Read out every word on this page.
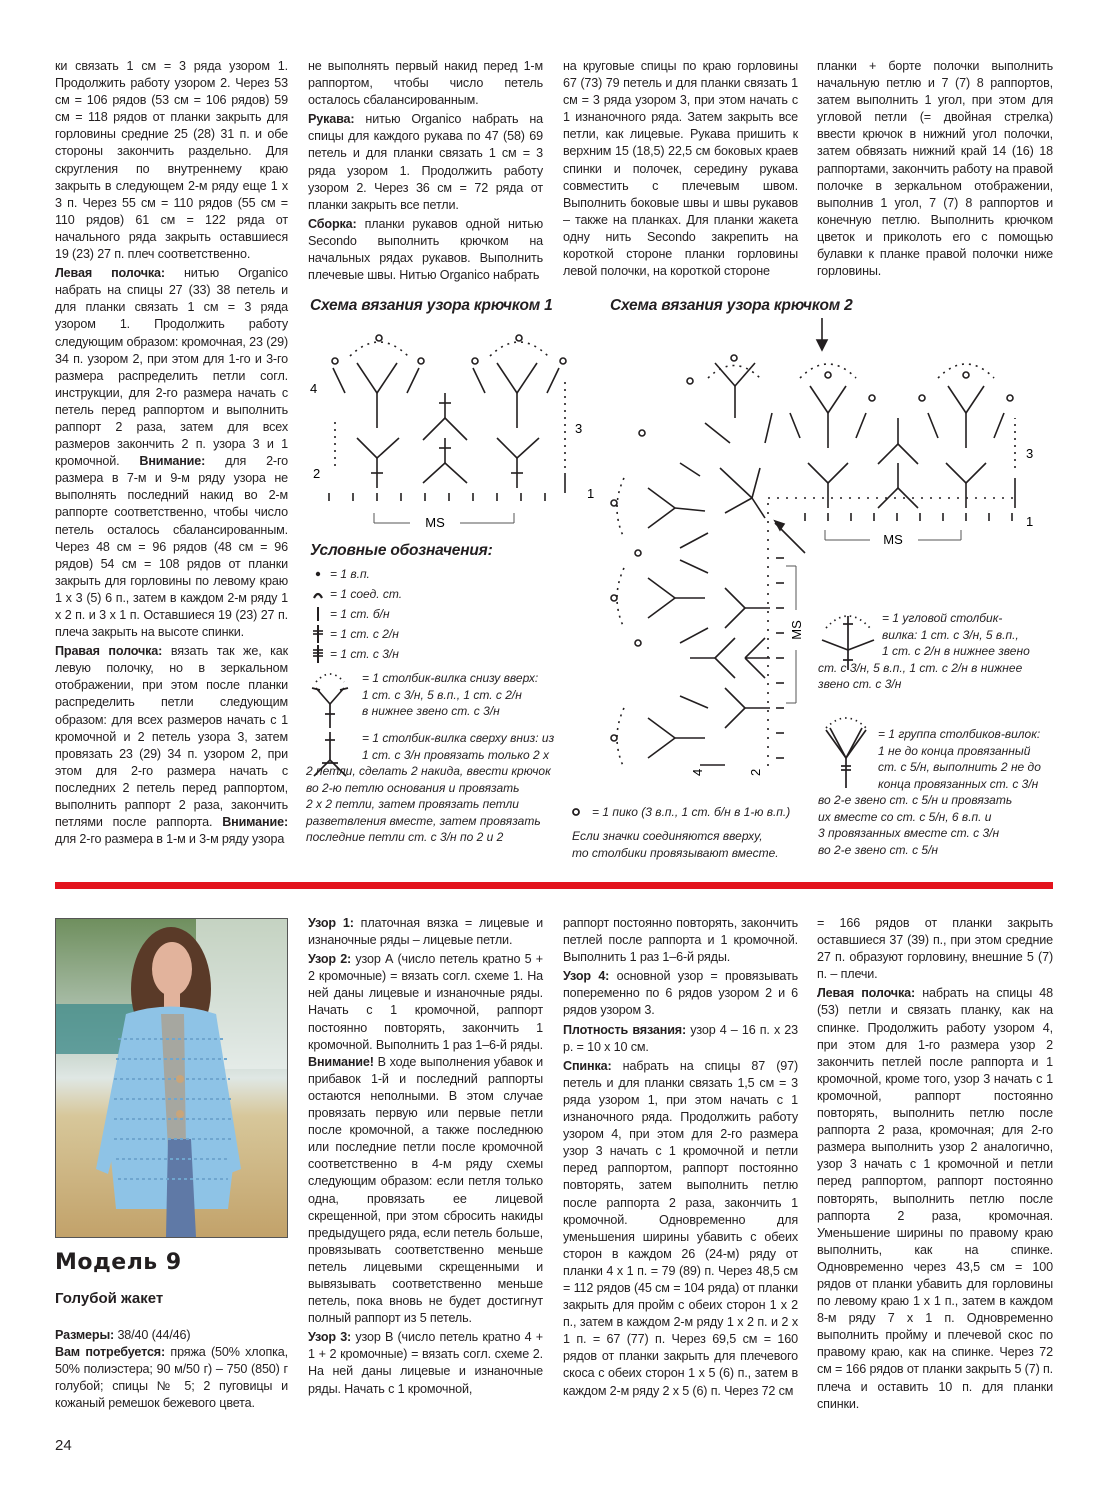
ки связать 1 см = 3 ряда узором 1. Продолжить работу узором 2. Через 53 см = 106 рядов (53 см = 106 рядов) 59 см = 118 рядов от планки закрыть для горловины средние 25 (28) 31 п. и обе стороны закончить раздельно. Для скругления по внутреннему краю закрыть в следующем 2-м ряду еще 1 х 3 п. Через 55 см = 110 рядов (55 см = 110 рядов) 61 см = 122 ряда от начального ряда закрыть оставшиеся 19 (23) 27 п. плеч соответственно.

Левая полочка: нитью Organico набрать на спицы 27 (33) 38 петель и для планки связать 1 см = 3 ряда узором 1. Продолжить работу следующим образом: кромочная, 23 (29) 34 п. узором 2, при этом для 1-го и 3-го размера распределить петли согл. инструкции, для 2-го размера начать с петель перед раппортом и выполнить раппорт 2 раза, затем для всех размеров закончить 2 п. узора 3 и 1 кромочной. Внимание: для 2-го размера в 7-м и 9-м ряду узора не выполнять последний накид во 2-м раппорте соответственно, чтобы число петель осталось сбалансированным. Через 48 см = 96 рядов (48 см = 96 рядов) 54 см = 108 рядов от планки закрыть для горловины по левому краю 1 х 3 (5) 6 п., затем в каждом 2-м ряду 1 х 2 п. и 3 х 1 п. Оставшиеся 19 (23) 27 п. плеча закрыть на высоте спинки.

Правая полочка: вязать так же, как левую полочку, но в зеркальном отображении, при этом после планки распределить петли следующим образом: для всех размеров начать с 1 кромочной и 2 петель узора 3, затем провязать 23 (29) 34 п. узором 2, при этом для 2-го размера начать с последних 2 петель перед раппортом, выполнить раппорт 2 раза, закончить петлями после раппорта. Внимание: для 2-го размера в 1-м и 3-м ряду узора

не выполнять первый накид перед 1-м раппортом, чтобы число петель осталось сбалансированным.

Рукава: нитью Organico набрать на спицы для каждого рукава по 47 (58) 69 петель и для планки связать 1 см = 3 ряда узором 1. Продолжить работу узором 2. Через 36 см = 72 ряда от планки закрыть все петли.

Сборка: планки рукавов одной нитью Secondo выполнить крючком на начальных рядах рукавов. Выполнить плечевые швы. Нитью Organico набрать

на круговые спицы по краю горловины 67 (73) 79 петель и для планки связать 1 см = 3 ряда узором 3, при этом начать с 1 изнаночного ряда. Затем закрыть все петли, как лицевые. Рукава пришить к верхним 15 (18,5) 22,5 см боковых краев спинки и полочек, середину рукава совместить с плечевым швом. Выполнить боковые швы и швы рукавов – также на планках. Для планки жакета одну нить Secondo закрепить на короткой стороне планки горловины левой полочки, на короткой стороне

планки + борте полочки выполнить начальную петлю и 7 (7) 8 раппортов, затем выполнить 1 угол, при этом для угловой петли (= двойная стрелка) ввести крючок в нижний угол полочки, затем обвязать нижний край 14 (16) 18 раппортами, закончить работу на правой полочке в зеркальном отображении, выполнив 1 угол, 7 (7) 8 раппортов и конечную петлю. Выполнить крючком цветок и приколоть его с помощью булавки к планке правой полочки ниже горловины.

Схема вязания узора крючком 1
MS
1
2
3
4
Условные обозначения:
= 1 в.п.
= 1 соед. ст.
= 1 ст. б/н
= 1 ст. с 2/н
= 1 ст. с 3/н
= 1 столбик-вилка снизу вверх:
1 ст. с 3/н, 5 в.п., 1 ст. с 2/н
в нижнее звено ст. с 3/н
= 1 столбик-вилка сверху вниз: из
1 ст. с 3/н провязать только 2 х
2 петли, сделать 2 накида, ввести крючок
во 2-ю петлю основания и провязать
2 х 2 петли, затем провязать петли
разветвления вместе, затем провязать
последние петли ст. с 3/н по 2 и 2
= 1 пико (3 в.п., 1 ст. б/н в 1-ю в.п.)
Если значки соединяются вверху,
то столбики провязывают вместе.
= 1 угловой столбик-
вилка: 1 ст. с 3/н, 5 в.п.,
1 ст. с 2/н в нижнее звено
ст. с 3/н, 5 в.п., 1 ст. с 2/н в нижнее
звено ст. с 3/н
= 1 группа столбиков-вилок:
1 не до конца провязанный
ст. с 5/н, выполнить 2 не до
конца провязанных ст. с 3/н
во 2-е звено ст. с 5/н и провязать
их вместе со ст. с 5/н, 6 в.п. и
3 провязанных вместе ст. с 3/н
во 2-е звено ст. с 5/н
Схема вязания узора крючком 2
MS
MS
1
2
3
4
Модель 9
Голубой жакет

Размеры: 38/40 (44/46)

Вам потребуется: пряжа (50% хлопка, 50% полиэстера; 90 м/50 г) – 750 (850) г голубой; спицы № 5; 2 пуговицы и кожаный ремешок бежевого цвета.

24

Узор 1: платочная вязка = лицевые и изнаночные ряды – лицевые петли.

Узор 2: узор А (число петель кратно 5 + 2 кромочные) = вязать согл. схеме 1. На ней даны лицевые и изнаночные ряды. Начать с 1 кромочной, раппорт постоянно повторять, закончить 1 кромочной. Выполнить 1 раз 1–6-й ряды. Внимание! В ходе выполнения убавок и прибавок 1-й и последний раппорты остаются неполными. В этом случае провязать первую или первые петли после кромочной, а также последнюю или последние петли после кромочной соответственно в 4-м ряду схемы следующим образом: если петля только одна, провязать ее лицевой скрещенной, при этом сбросить накиды предыдущего ряда, если петель больше, провязывать соответственно меньше петель лицевыми скрещенными и вывязывать соответственно меньше петель, пока вновь не будет достигнут полный раппорт из 5 петель.

Узор 3: узор В (число петель кратно 4 + 1 + 2 кромочные) = вязать согл. схеме 2. На ней даны лицевые и изнаночные ряды. Начать с 1 кромочной,

раппорт постоянно повторять, закончить петлей после раппорта и 1 кромочной. Выполнить 1 раз 1–6-й ряды.

Узор 4: основной узор = провязывать попеременно по 6 рядов узором 2 и 6 рядов узором 3.

Плотность вязания: узор 4 – 16 п. х 23 р. = 10 х 10 см.

Спинка: набрать на спицы 87 (97) петель и для планки связать 1,5 см = 3 ряда узором 1, при этом начать с 1 изнаночного ряда. Продолжить работу узором 4, при этом для 2-го размера узор 3 начать с 1 кромочной и петли перед раппортом, раппорт постоянно повторять, затем выполнить петлю после раппорта 2 раза, закончить 1 кромочной. Одновременно для уменьшения ширины убавить с обеих сторон в каждом 26 (24-м) ряду от планки 4 х 1 п. = 79 (89) п. Через 48,5 см = 112 рядов (45 см = 104 ряда) от планки закрыть для пройм с обеих сторон 1 х 2 п., затем в каждом 2-м ряду 1 х 2 п. и 2 х 1 п. = 67 (77) п. Через 69,5 см = 160 рядов от планки закрыть для плечевого скоса с обеих сторон 1 х 5 (6) п., затем в каждом 2-м ряду 2 х 5 (6) п. Через 72 см

= 166 рядов от планки закрыть оставшиеся 37 (39) п., при этом средние 27 п. образуют горловину, внешние 5 (7) п. – плечи.

Левая полочка: набрать на спицы 48 (53) петли и связать планку, как на спинке. Продолжить работу узором 4, при этом для 1-го размера узор 2 закончить петлей после раппорта и 1 кромочной, кроме того, узор 3 начать с 1 кромочной, раппорт постоянно повторять, выполнить петлю после раппорта 2 раза, кромочная; для 2-го размера выполнить узор 2 аналогично, узор 3 начать с 1 кромочной и петли перед раппортом, раппорт постоянно повторять, выполнить петлю после раппорта 2 раза, кромочная. Уменьшение ширины по правому краю выполнить, как на спинке. Одновременно через 43,5 см = 100 рядов от планки убавить для горловины по левому краю 1 х 1 п., затем в каждом 8-м ряду 7 х 1 п. Одновременно выполнить пройму и плечевой скос по правому краю, как на спинке. Через 72 см = 166 рядов от планки закрыть 5 (7) п. плеча и оставить 10 п. для планки спинки.
